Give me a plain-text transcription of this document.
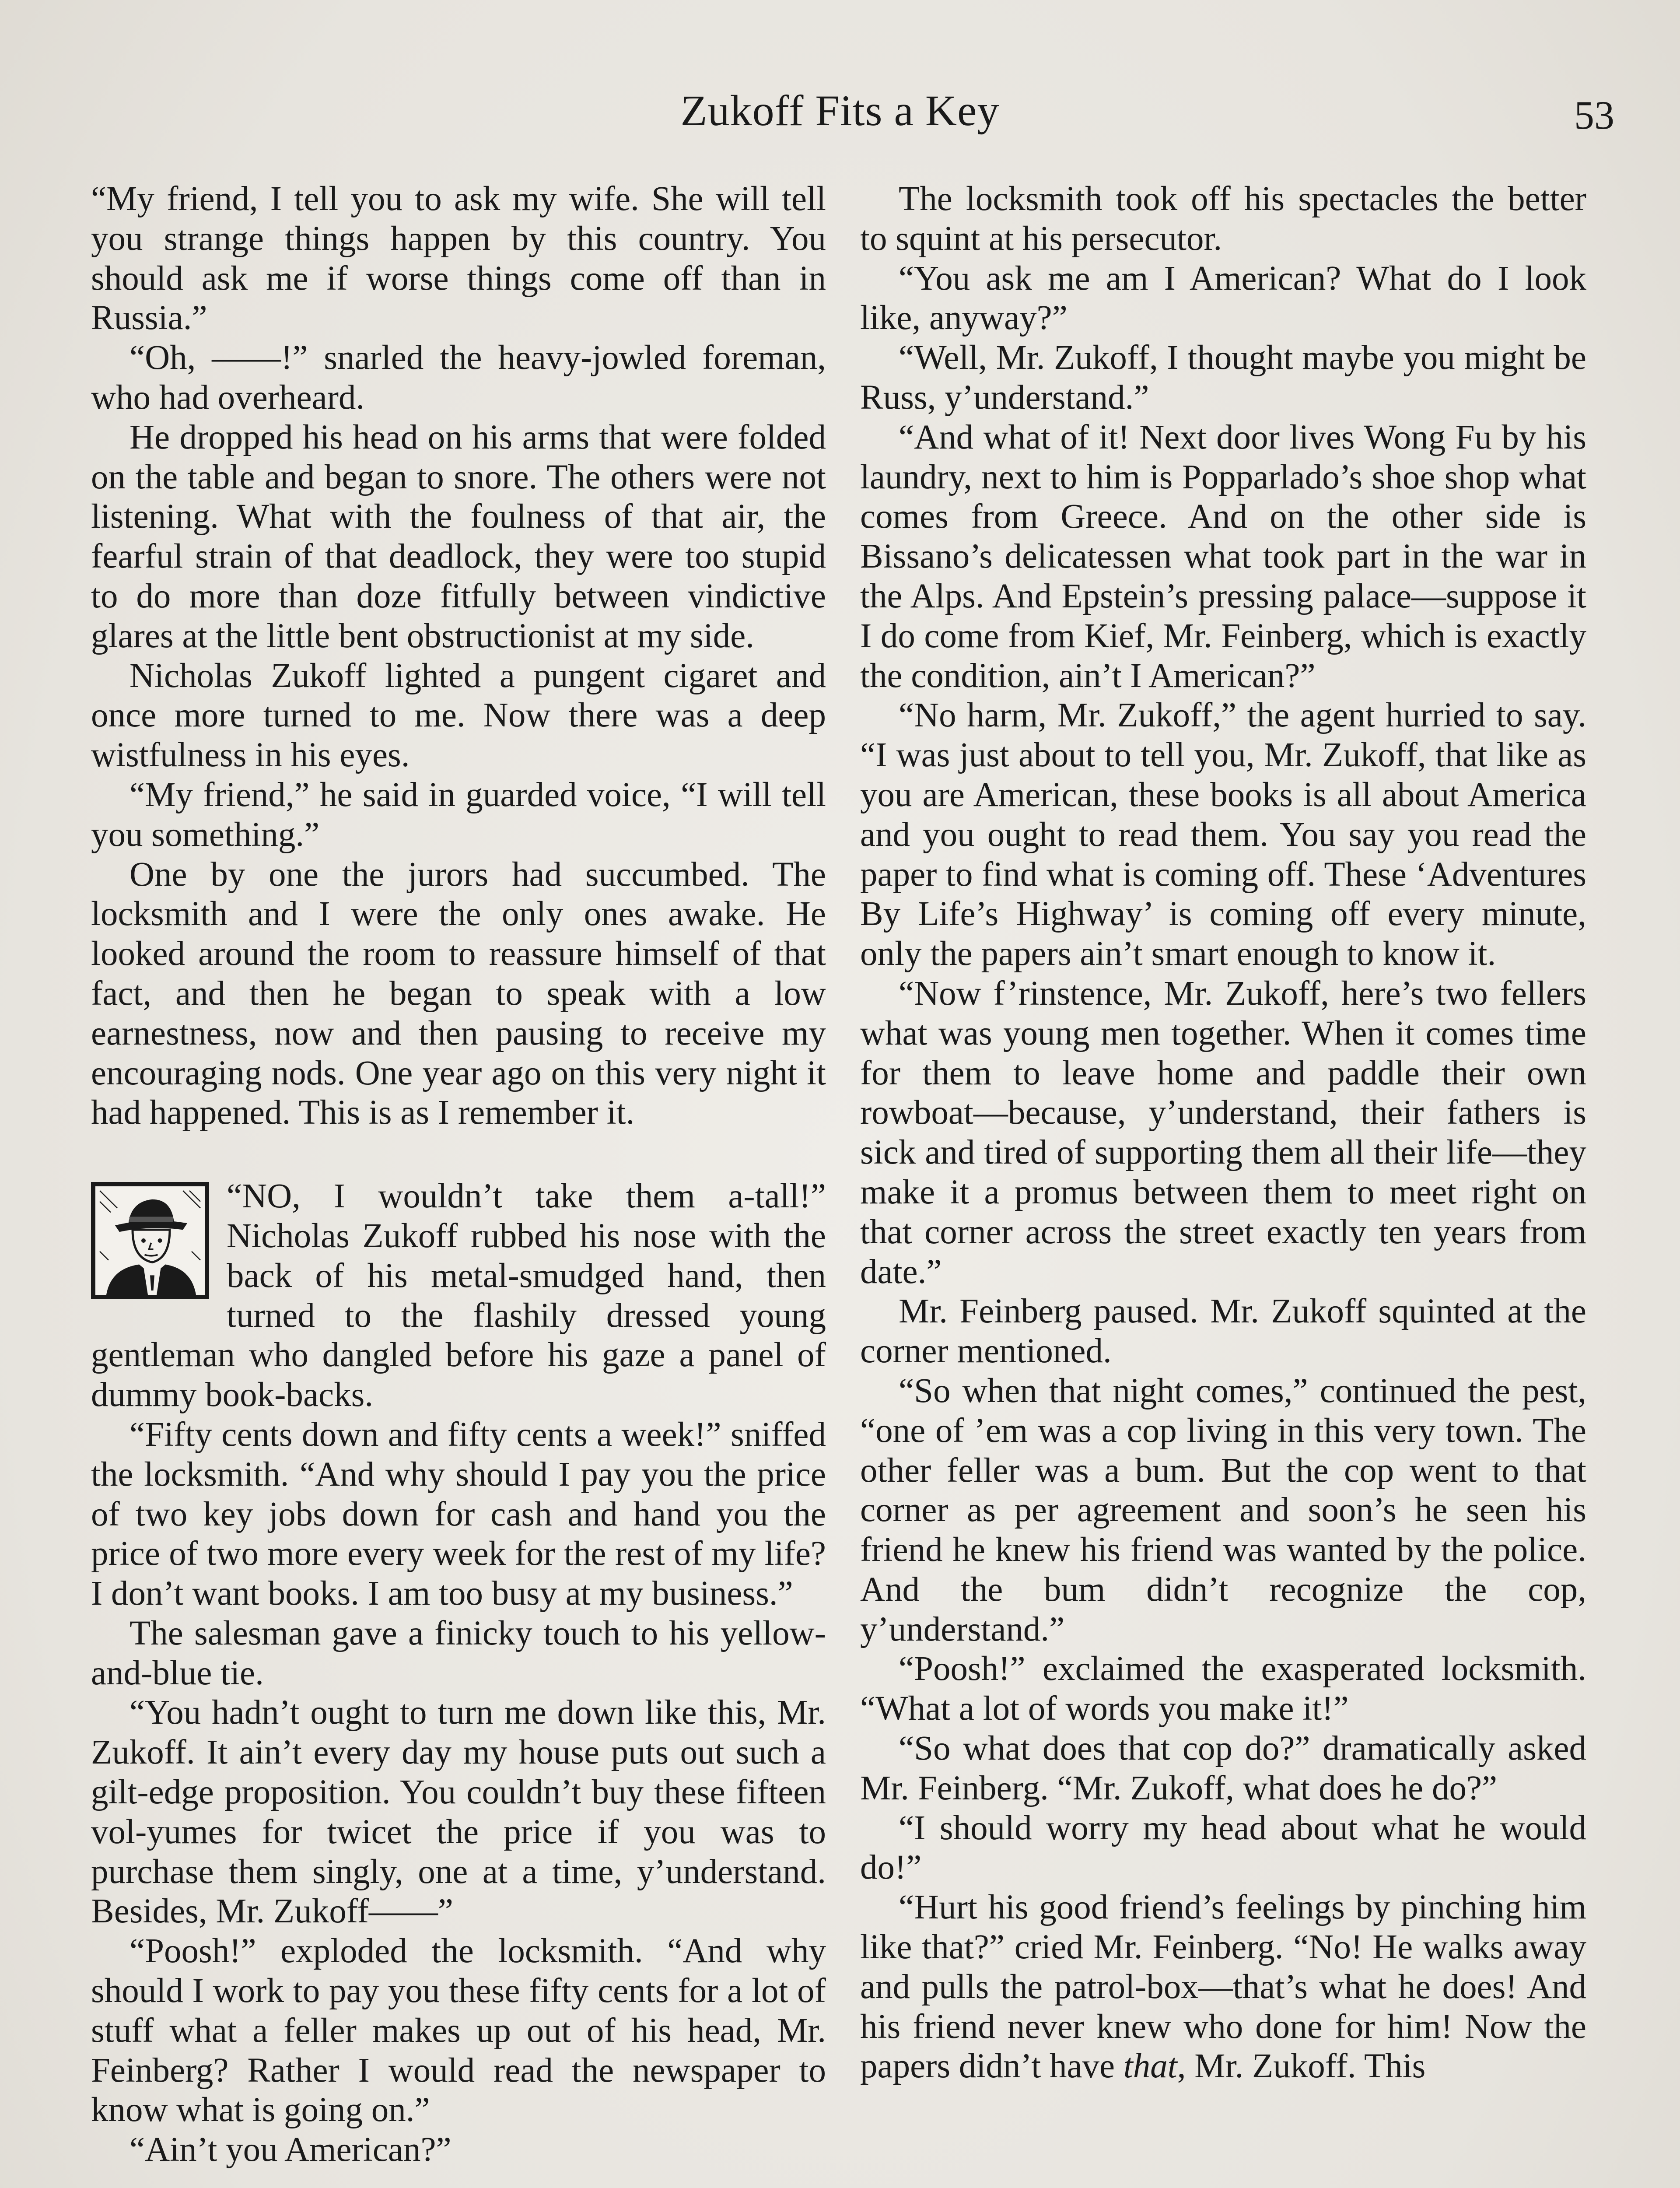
Zukoff Fits a Key	53

“My friend, I tell you to ask my wife. She will tell you strange things happen by this country. You should ask me if worse things come off than in Russia.”

“Oh, ——!” snarled the heavy-jowled foreman, who had overheard.

He dropped his head on his arms that were folded on the table and began to snore. The others were not listening. What with the foulness of that air, the fearful strain of that deadlock, they were too stupid to do more than doze fitfully between vindictive glares at the little bent obstructionist at my side.

Nicholas Zukoff lighted a pungent cigaret and once more turned to me. Now there was a deep wistfulness in his eyes.

“My friend,” he said in guarded voice, “I will tell you something.”

One by one the jurors had succumbed. The locksmith and I were the only ones awake. He looked around the room to reassure himself of that fact, and then he began to speak with a low earnestness, now and then pausing to receive my encouraging nods. One year ago on this very night it had happened. This is as I remember it.

“NO, I wouldn’t take them a-tall!” Nicholas Zukoff rubbed his nose with the back of his metal-smudged hand, then turned to the flashily dressed young gentleman who dangled before his gaze a panel of dummy book-backs.

“Fifty cents down and fifty cents a week!” sniffed the locksmith. “And why should I pay you the price of two key jobs down for cash and hand you the price of two more every week for the rest of my life? I don’t want books. I am too busy at my business.”

The salesman gave a finicky touch to his yellow-and-blue tie.

“You hadn’t ought to turn me down like this, Mr. Zukoff. It ain’t every day my house puts out such a gilt-edge proposition. You couldn’t buy these fifteen vol-yumes for twicet the price if you was to purchase them singly, one at a time, y’understand. Besides, Mr. Zukoff——”

“Poosh!” exploded the locksmith. “And why should I work to pay you these fifty cents for a lot of stuff what a feller makes up out of his head, Mr. Feinberg? Rather I would read the newspaper to know what is going on.”

“Ain’t you American?”

The locksmith took off his spectacles the better to squint at his persecutor.

“You ask me am I American? What do I look like, anyway?”

“Well, Mr. Zukoff, I thought maybe you might be Russ, y’understand.”

“And what of it! Next door lives Wong Fu by his laundry, next to him is Popparlado’s shoe shop what comes from Greece. And on the other side is Bissano’s delicatessen what took part in the war in the Alps. And Epstein’s pressing palace—suppose it I do come from Kief, Mr. Feinberg, which is exactly the condition, ain’t I American?”

“No harm, Mr. Zukoff,” the agent hurried to say. “I was just about to tell you, Mr. Zukoff, that like as you are American, these books is all about America and you ought to read them. You say you read the paper to find what is coming off. These ‘Adventures By Life’s Highway’ is coming off every minute, only the papers ain’t smart enough to know it.

“Now f’rinstence, Mr. Zukoff, here’s two fellers what was young men together. When it comes time for them to leave home and paddle their own rowboat—because, y’understand, their fathers is sick and tired of supporting them all their life—they make it a promus between them to meet right on that corner across the street exactly ten years from date.”

Mr. Feinberg paused. Mr. Zukoff squinted at the corner mentioned.

“So when that night comes,” continued the pest, “one of ’em was a cop living in this very town. The other feller was a bum. But the cop went to that corner as per agreement and soon’s he seen his friend he knew his friend was wanted by the police. And the bum didn’t recognize the cop, y’understand.”

“Poosh!” exclaimed the exasperated locksmith. “What a lot of words you make it!”

“So what does that cop do?” dramatically asked Mr. Feinberg. “Mr. Zukoff, what does he do?”

“I should worry my head about what he would do!”

“Hurt his good friend’s feelings by pinching him like that?” cried Mr. Feinberg. “No! He walks away and pulls the patrol-box—that’s what he does! And his friend never knew who done for him! Now the papers didn’t have that, Mr. Zukoff. This
